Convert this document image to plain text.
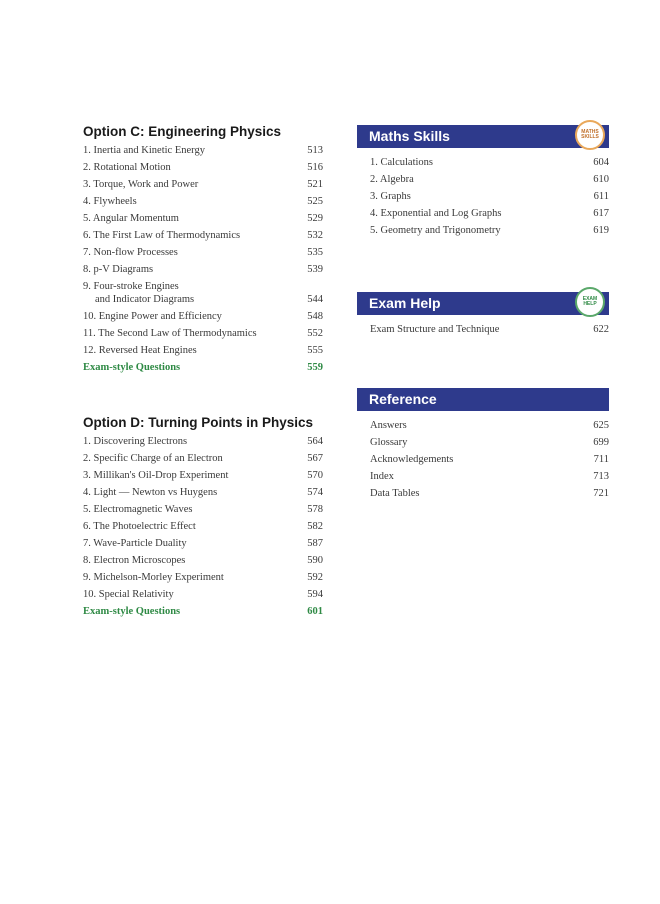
Option C: Engineering Physics
1. Inertia and Kinetic Energy	513
2. Rotational Motion	516
3. Torque, Work and Power	521
4. Flywheels	525
5. Angular Momentum	529
6. The First Law of Thermodynamics	532
7. Non-flow Processes	535
8. p-V Diagrams	539
9. Four-stroke Engines
and Indicator Diagrams	544
10. Engine Power and Efficiency	548
11. The Second Law of Thermodynamics	552
12. Reversed Heat Engines	555
Exam-style Questions	559
Option D: Turning Points in Physics
1. Discovering Electrons	564
2. Specific Charge of an Electron	567
3. Millikan's Oil-Drop Experiment	570
4. Light — Newton vs Huygens	574
5. Electromagnetic Waves	578
6. The Photoelectric Effect	582
7. Wave-Particle Duality	587
8. Electron Microscopes	590
9. Michelson-Morley Experiment	592
10. Special Relativity	594
Exam-style Questions	601
Maths Skills	MATHS
SKILLS
1. Calculations	604
2. Algebra	610
3. Graphs	611
4. Exponential and Log Graphs	617
5. Geometry and Trigonometry	619
Exam Help	EXAM
HELP
Exam Structure and Technique	622
Reference
Answers	625
Glossary	699
Acknowledgements	711
Index	713
Data Tables	721
